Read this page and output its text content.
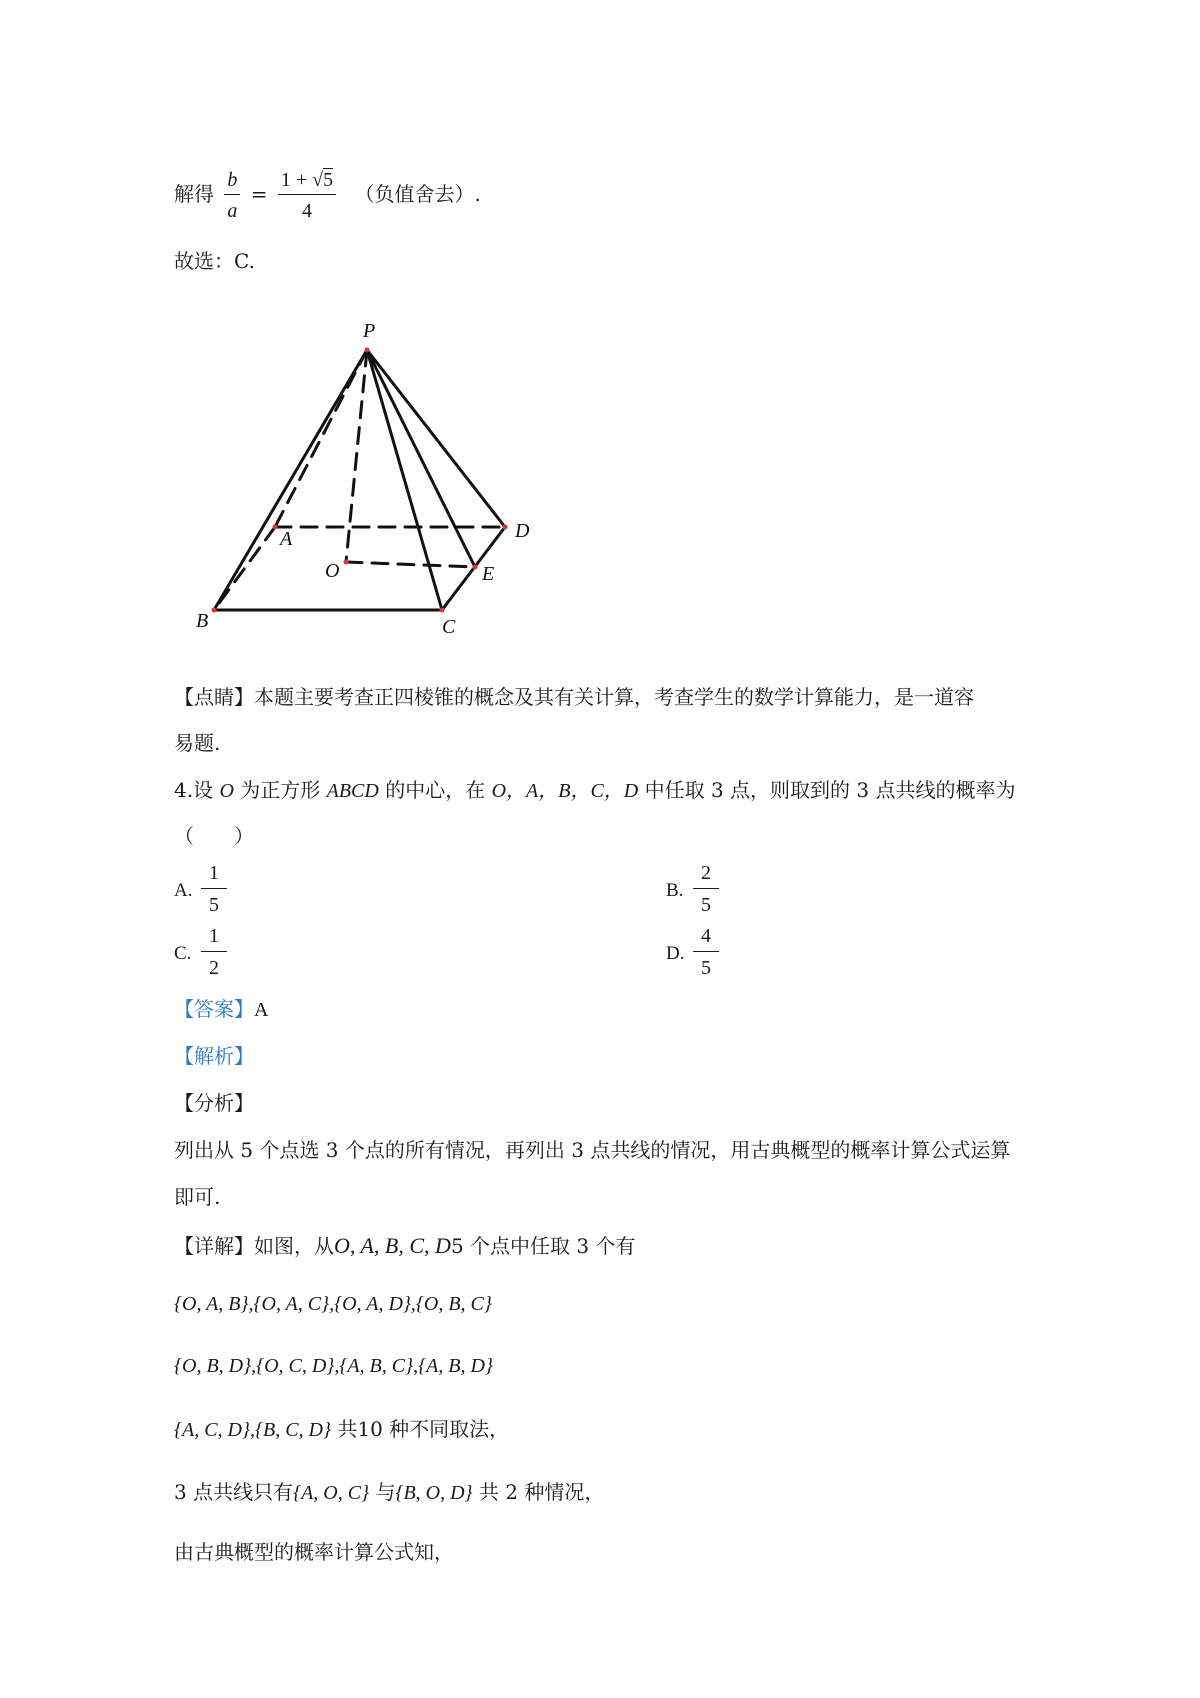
解得 $\frac{b}{a} = \frac{1 + √5}{4}$ （负值舍去）.
故选：C.
P
A	D
O	E
B	C
【点睛】本题主要考查正四棱锥的概念及其有关计算，考查学生的数学计算能力，是一道容
易题.
4.设 O 为正方形 ABCD 的中心，在 O，A，B，C，D 中任取 3 点，则取到的 3 点共线的概率为
（　　）
A. $\frac{1}{5}$	B. $\frac{2}{5}$
C. $\frac{1}{2}$	D. $\frac{4}{5}$
【答案】A
【解析】
【分析】
列出从 5 个点选 3 个点的所有情况，再列出 3 点共线的情况，用古典概型的概率计算公式运算
即可.
【详解】如图，从O, A, B, C, D5 个点中任取 3 个有
{O, A, B},{O, A, C},{O, A, D},{O, B, C}
{O, B, D},{O, C, D},{A, B, C},{A, B, D}
{A, C, D},{B, C, D} 共10 种不同取法，
3 点共线只有{A, O, C} 与{B, O, D} 共 2 种情况，
由古典概型的概率计算公式知，
